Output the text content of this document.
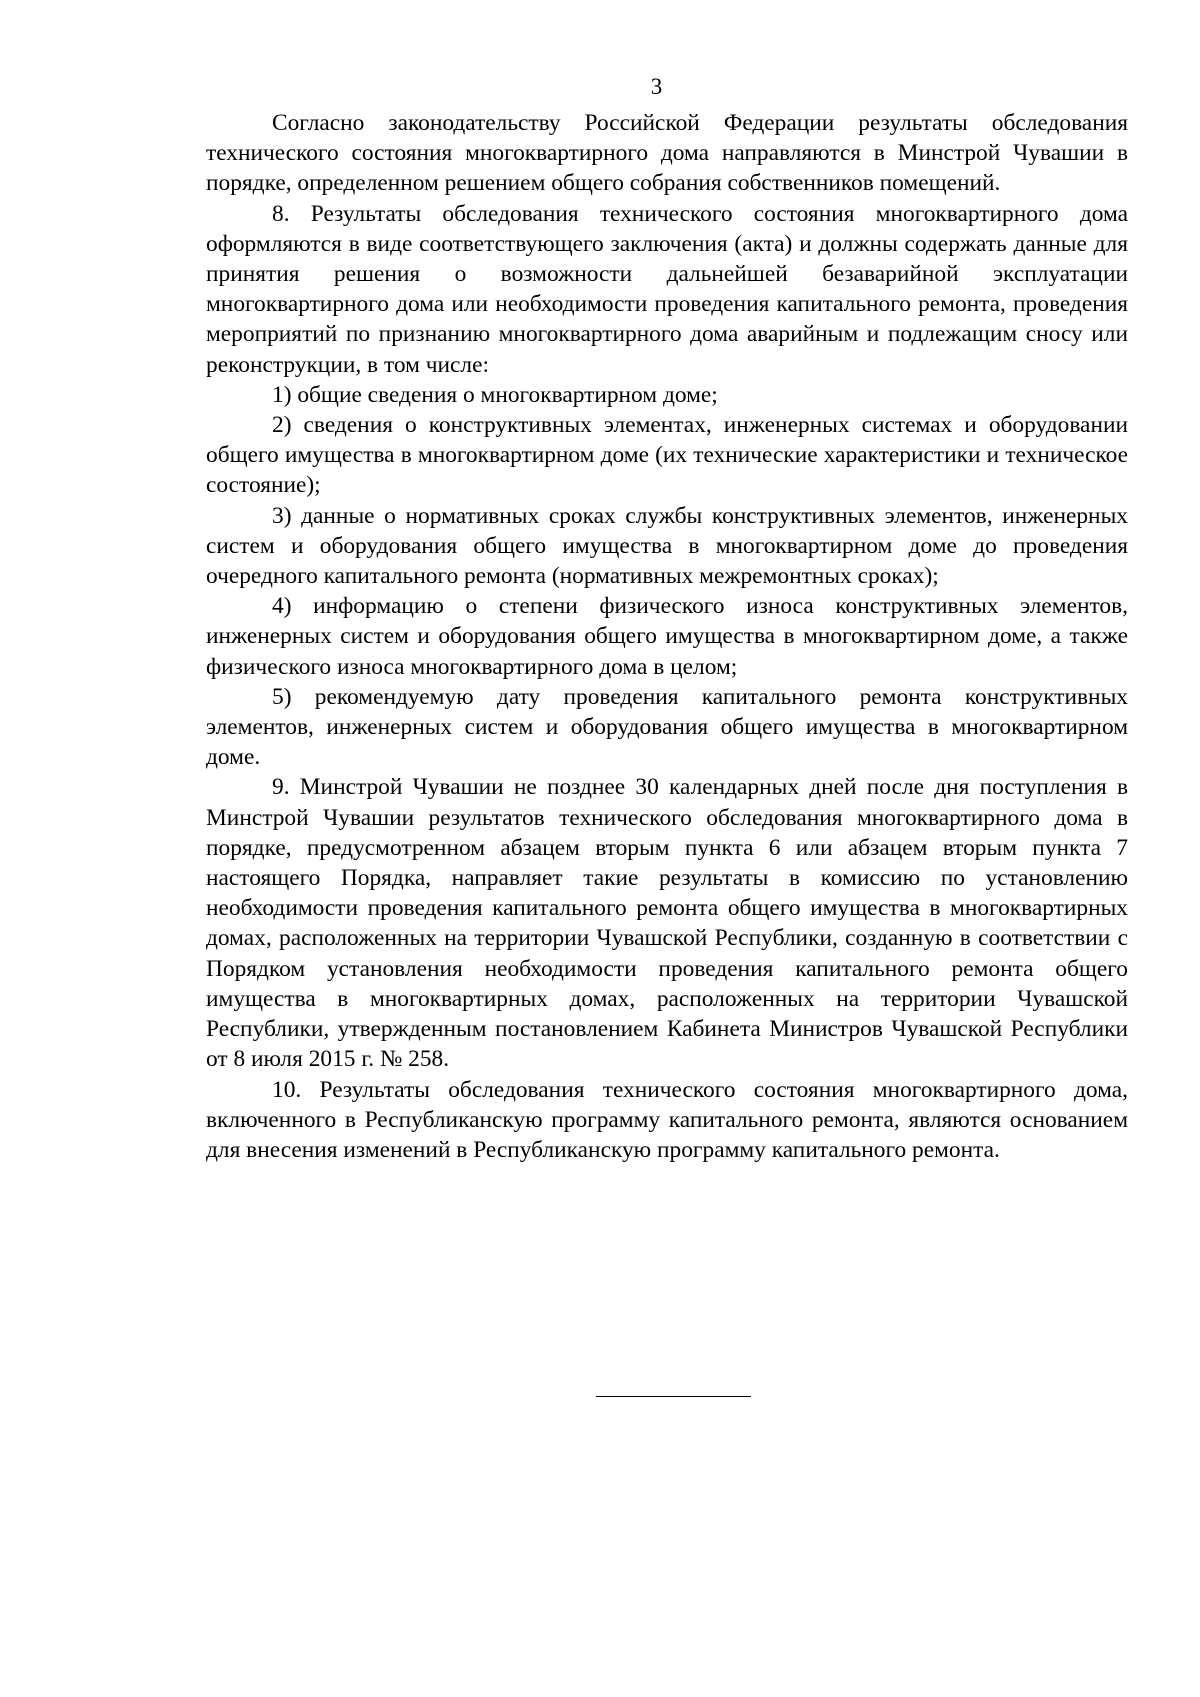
3

Согласно законодательству Российской Федерации результаты обследования технического состояния многоквартирного дома направляются в Минстрой Чувашии в порядке, определенном решением общего собрания собственников помещений.

8. Результаты обследования технического состояния многоквартирного дома оформляются в виде соответствующего заключения (акта) и должны содержать данные для принятия решения о возможности дальнейшей безаварийной эксплуатации многоквартирного дома или необходимости проведения капитального ремонта, проведения мероприятий по признанию многоквартирного дома аварийным и подлежащим сносу или реконструкции, в том числе:

1) общие сведения о многоквартирном доме;

2) сведения о конструктивных элементах, инженерных системах и оборудовании общего имущества в многоквартирном доме (их технические характеристики и техническое состояние);

3) данные о нормативных сроках службы конструктивных элементов, инженерных систем и оборудования общего имущества в многоквартирном доме до проведения очередного капитального ремонта (нормативных межремонтных сроках);

4) информацию о степени физического износа конструктивных элементов, инженерных систем и оборудования общего имущества в многоквартирном доме, а также физического износа многоквартирного дома в целом;

5) рекомендуемую дату проведения капитального ремонта конструктивных элементов, инженерных систем и оборудования общего имущества в многоквартирном доме.

9. Минстрой Чувашии не позднее 30 календарных дней после дня поступления в Минстрой Чувашии результатов технического обследования многоквартирного дома в порядке, предусмотренном абзацем вторым пункта 6 или абзацем вторым пункта 7 настоящего Порядка, направляет такие результаты в комиссию по установлению необходимости проведения капитального ремонта общего имущества в многоквартирных домах, расположенных на территории Чувашской Республики, созданную в соответствии с Порядком установления необходимости проведения капитального ремонта общего имущества в многоквартирных домах, расположенных на территории Чувашской Республики, утвержденным постановлением Кабинета Министров Чувашской Республики от 8 июля 2015 г. № 258.

10. Результаты обследования технического состояния многоквартирного дома, включенного в Республиканскую программу капитального ремонта, являются основанием для внесения изменений в Республиканскую программу капитального ремонта.
